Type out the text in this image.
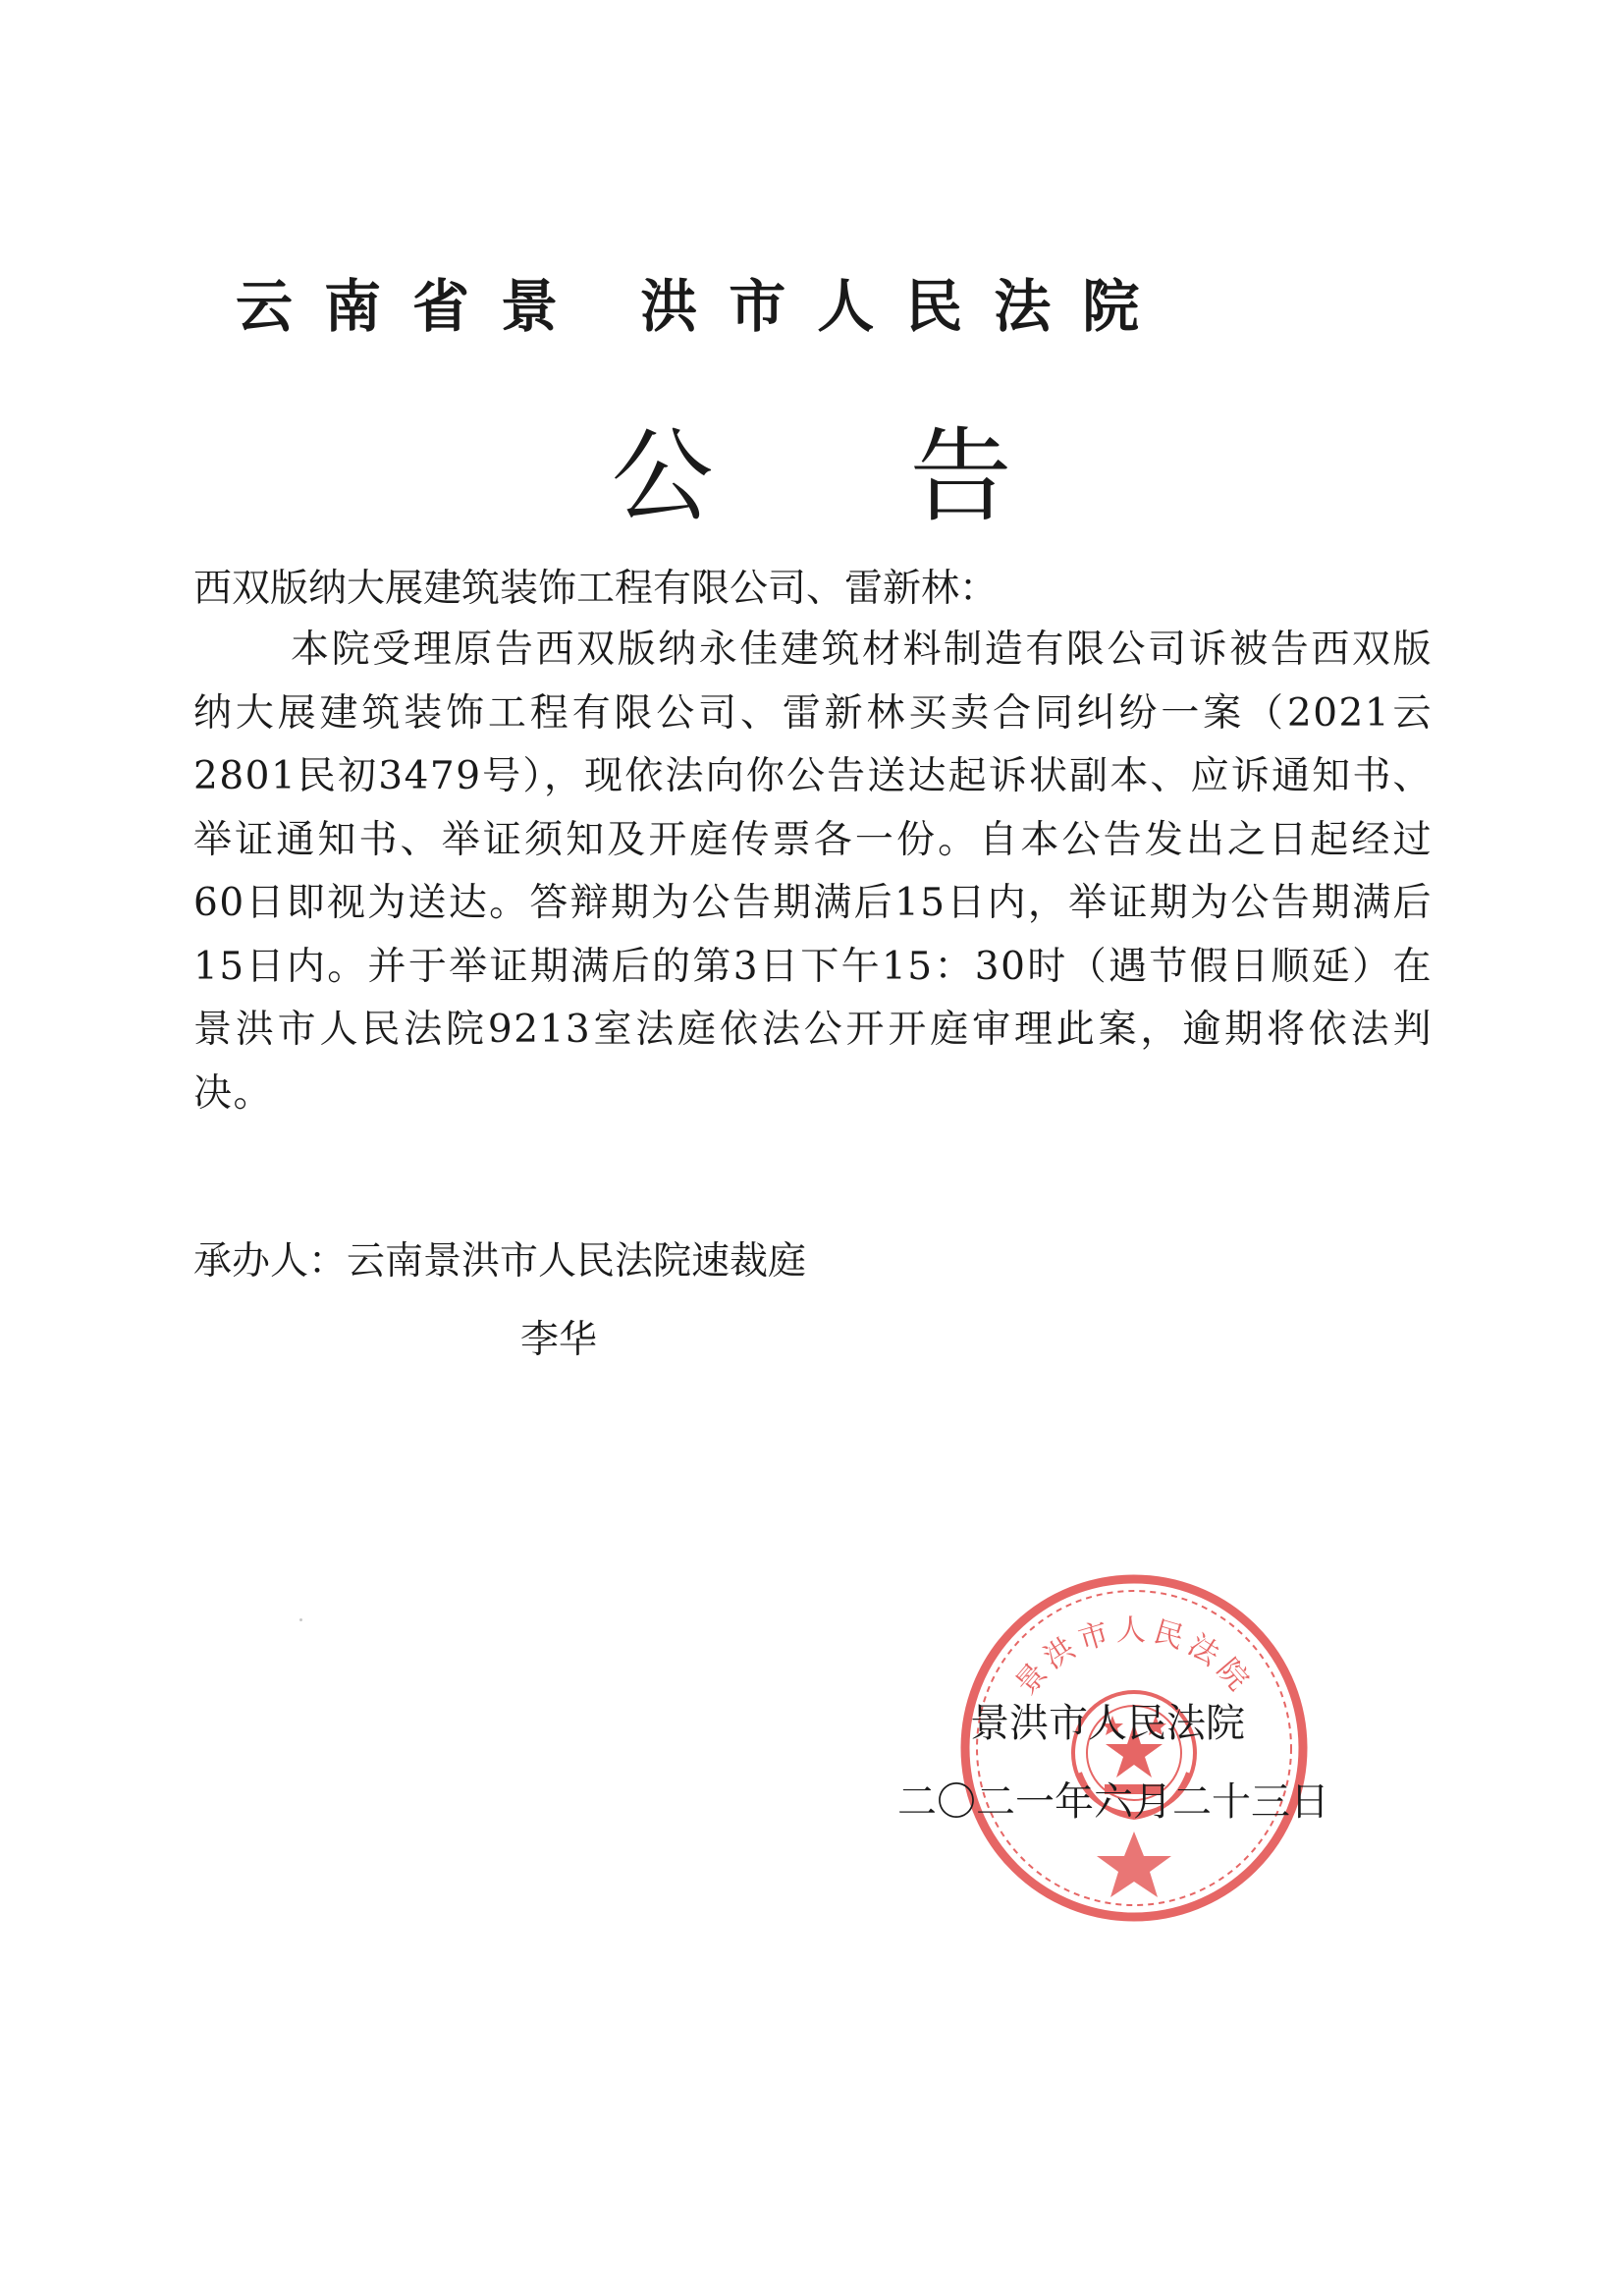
云南省景 洪市人民法院
公告
西双版纳大展建筑装饰工程有限公司、雷新林：
本院受理原告西双版纳永佳建筑材料制造有限公司诉被告西双版纳大展建筑装饰工程有限公司、雷新林买卖合同纠纷一案（2021云2801民初3479号），现依法向你公告送达起诉状副本、应诉通知书、举证通知书、举证须知及开庭传票各一份。自本公告发出之日起经过60日即视为送达。答辩期为公告期满后15日内，举证期为公告期满后15日内。并于举证期满后的第3日下午15：30时（遇节假日顺延）在景洪市人民法院9213室法庭依法公开开庭审理此案，逾期将依法判决。
承办人：云南景洪市人民法院速裁庭
李华
景洪市人民法院
景洪市人民法院
二〇二一年六月二十三日
